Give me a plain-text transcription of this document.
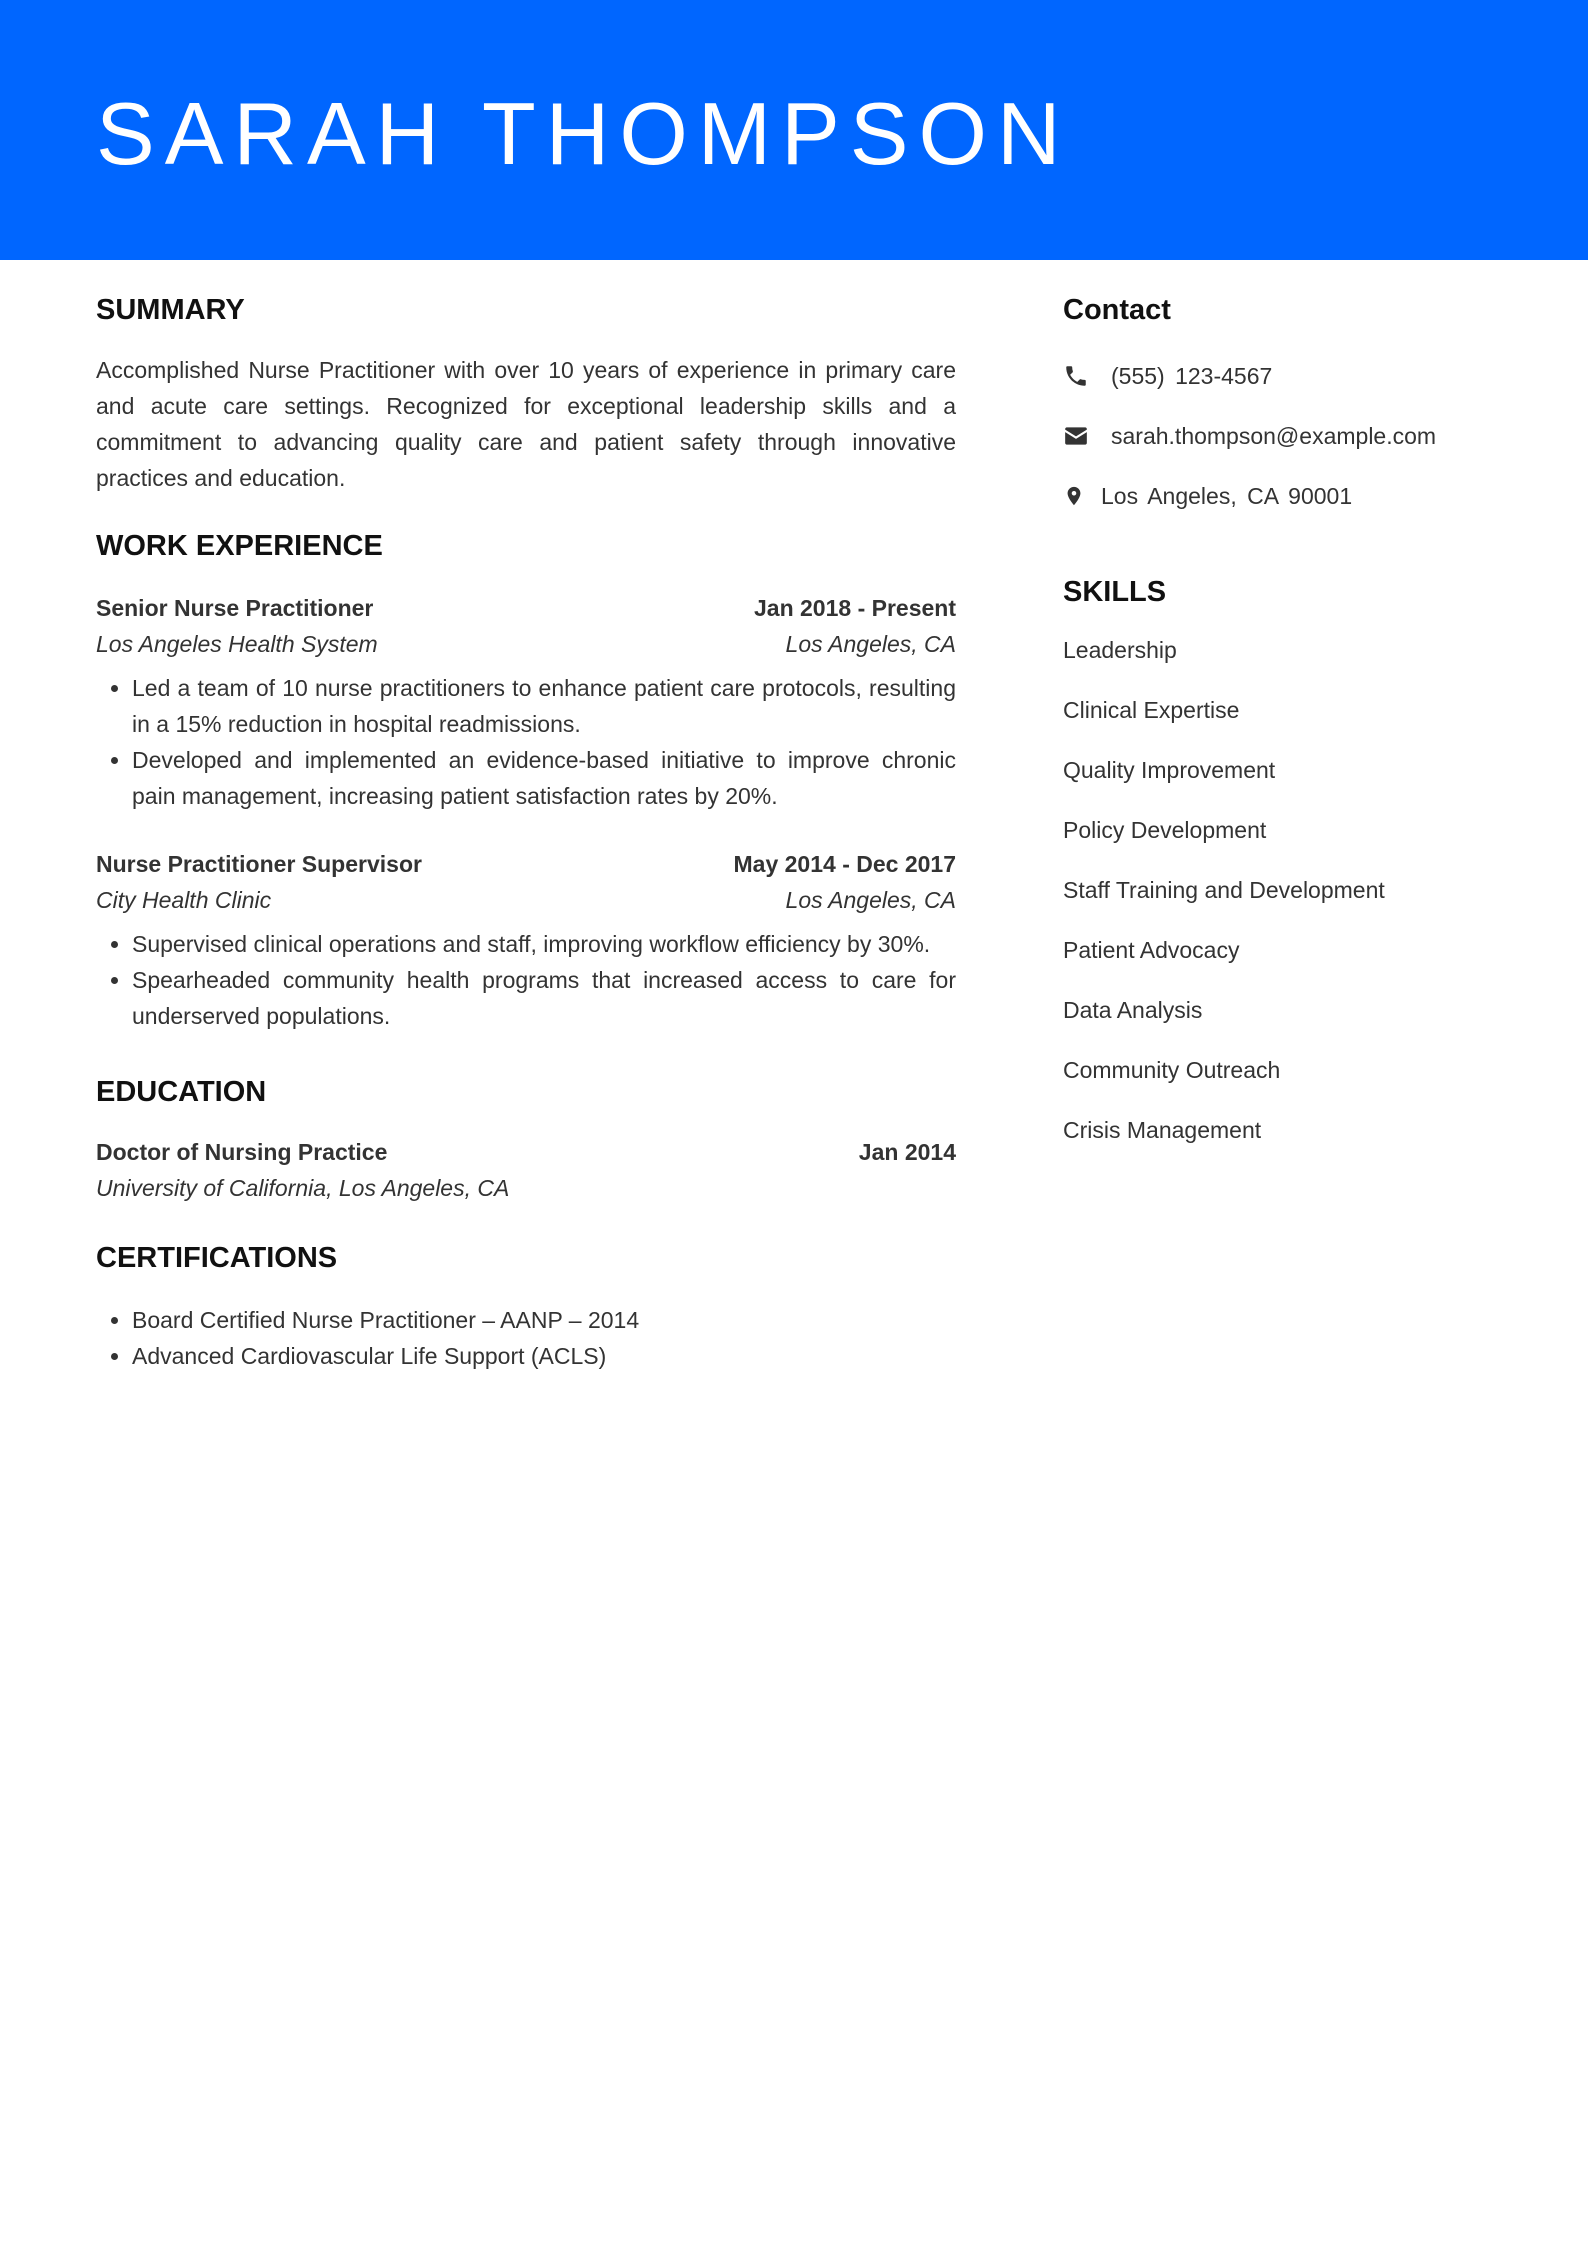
SARAH THOMPSON
SUMMARY

Accomplished Nurse Practitioner with over 10 years of experience in primary care and acute care settings. Recognized for exceptional leadership skills and a commitment to advancing quality care and patient safety through innovative practices and education.

WORK EXPERIENCE
Senior Nurse Practitioner	Jan 2018 - Present
Los Angeles Health System	Los Angeles, CA
• Led a team of 10 nurse practitioners to enhance patient care protocols, resulting in a 15% reduction in hospital readmissions.
• Developed and implemented an evidence-based initiative to improve chronic pain management, increasing patient satisfaction rates by 20%.
Nurse Practitioner Supervisor	May 2014 - Dec 2017
City Health Clinic	Los Angeles, CA
• Supervised clinical operations and staff, improving workflow efficiency by 30%.
• Spearheaded community health programs that increased access to care for underserved populations.
EDUCATION
Doctor of Nursing Practice	Jan 2014
University of California, Los Angeles, CA
CERTIFICATIONS
• Board Certified Nurse Practitioner – AANP – 2014
• Advanced Cardiovascular Life Support (ACLS)
Contact
(555) 123-4567
sarah.thompson@example.com
Los Angeles, CA 90001
SKILLS
Leadership
Clinical Expertise
Quality Improvement
Policy Development
Staff Training and Development
Patient Advocacy
Data Analysis
Community Outreach
Crisis Management
